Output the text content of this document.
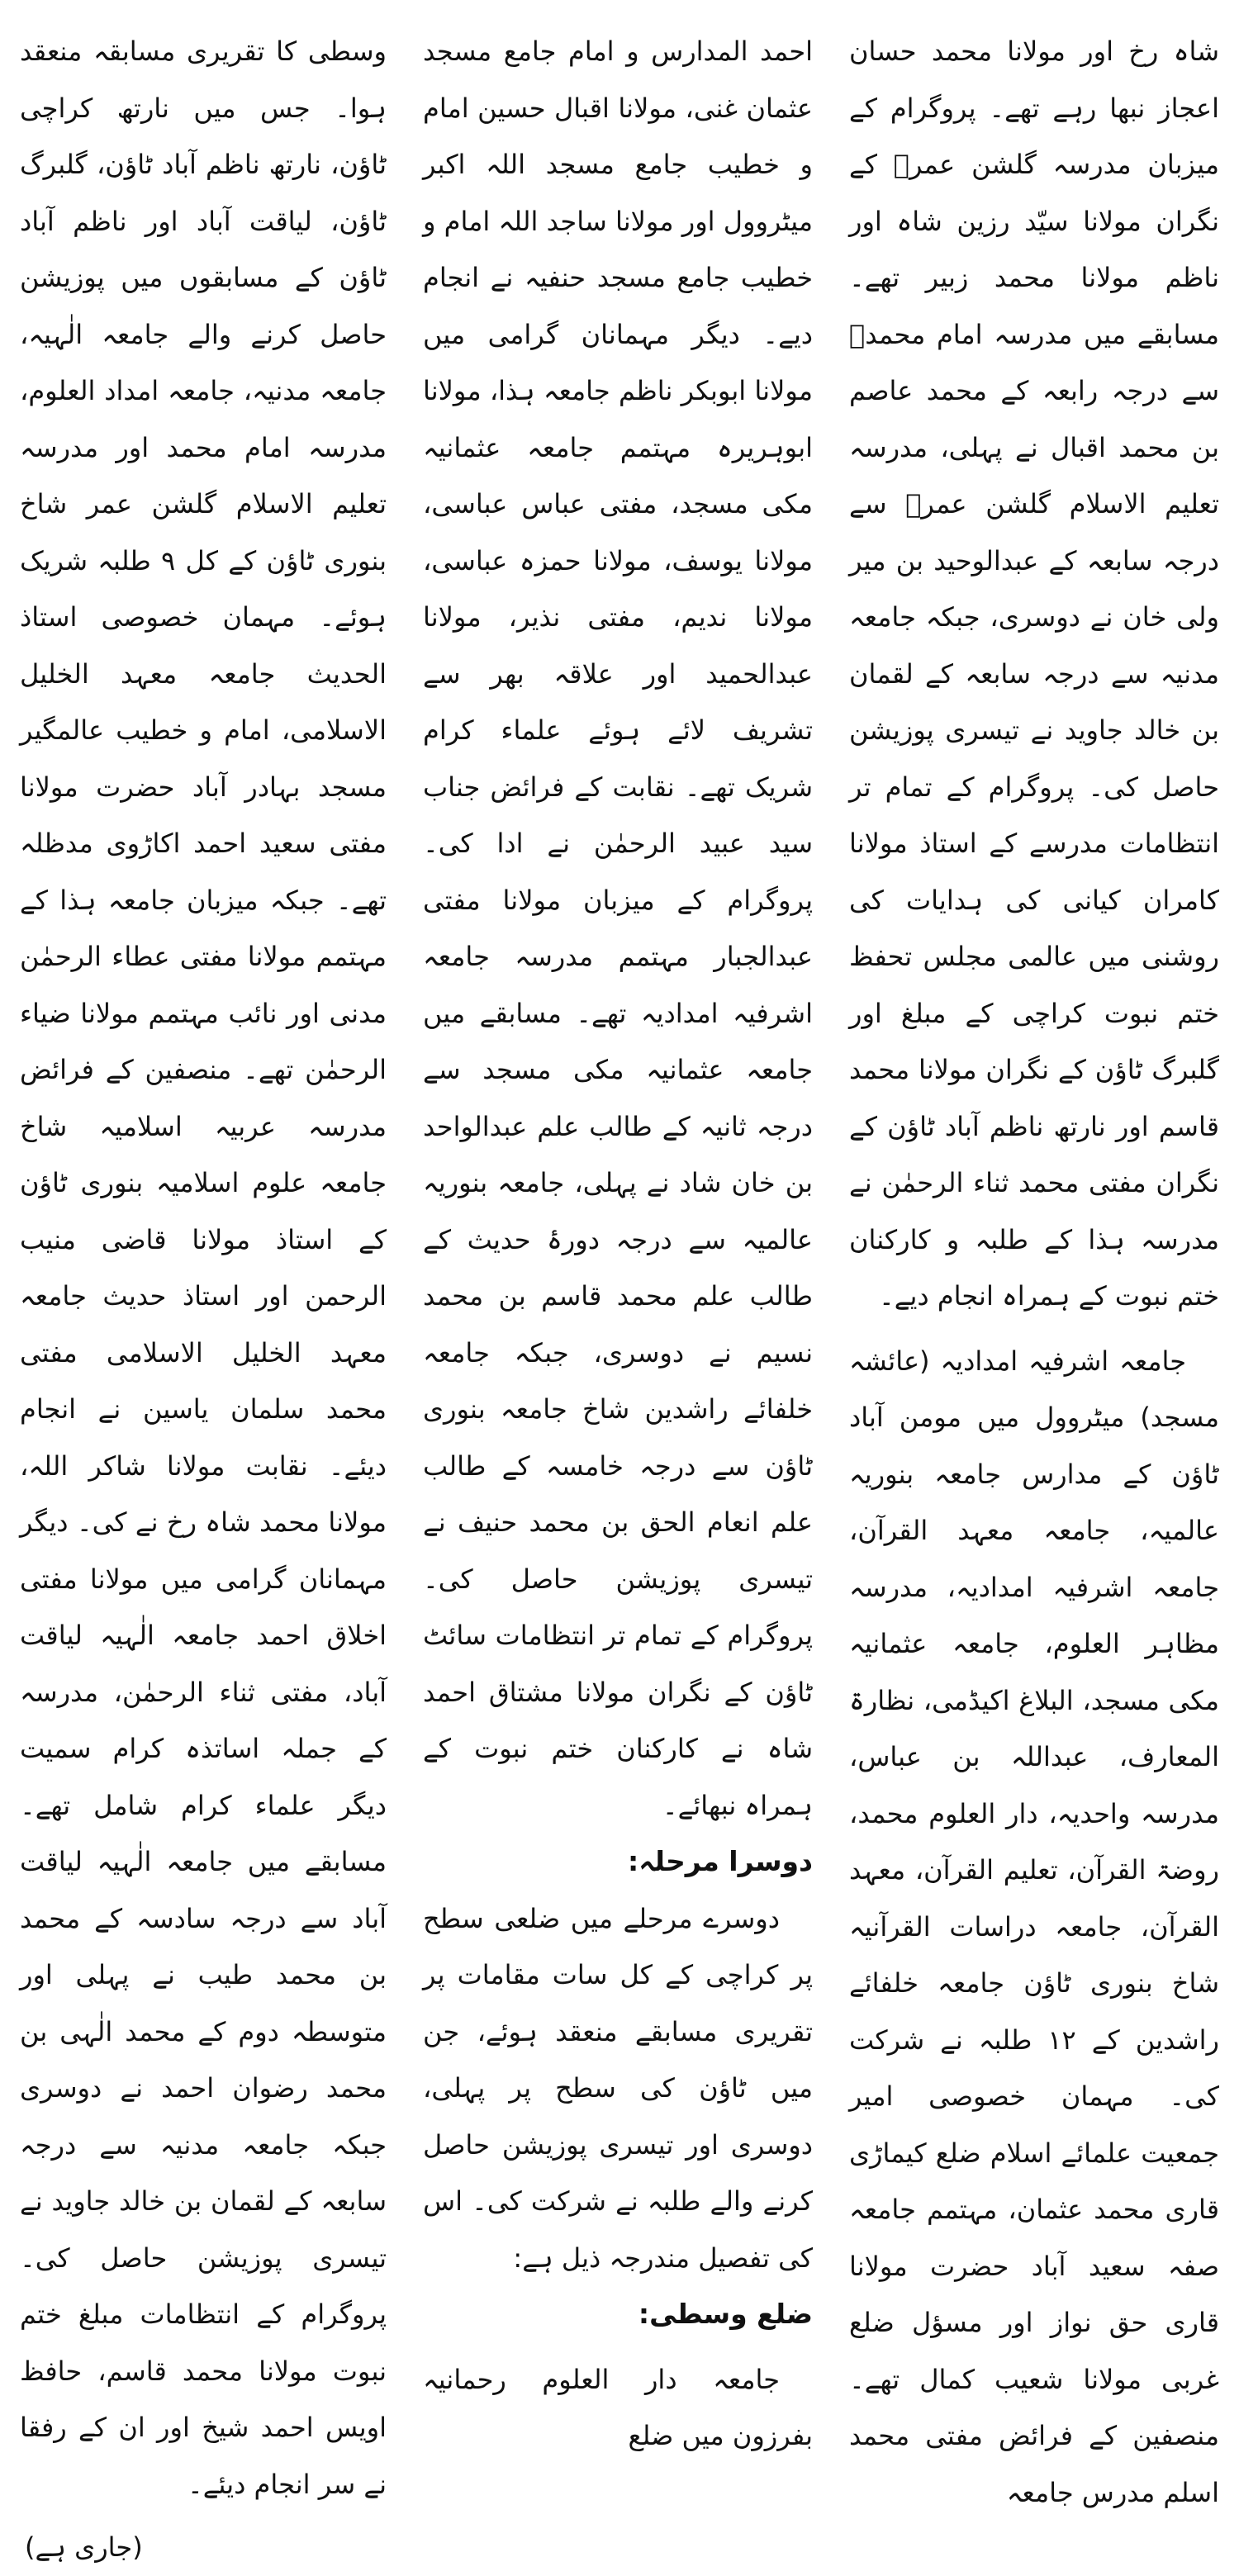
شاہ رخ اور مولانا محمد حسان اعجاز نبھا رہے تھے۔ پروگرام کے میزبان مدرسہ گلشن عمرؓ کے نگران مولانا سیّد رزین شاہ اور ناظم مولانا محمد زبیر تھے۔ مسابقے میں مدرسہ امام محمدؒ سے درجہ رابعہ کے محمد عاصم بن محمد اقبال نے پہلی، مدرسہ تعلیم الاسلام گلشن عمرؓ سے درجہ سابعہ کے عبدالوحید بن میر ولی خان نے دوسری، جبکہ جامعہ مدنیہ سے درجہ سابعہ کے لقمان بن خالد جاوید نے تیسری پوزیشن حاصل کی۔ پروگرام کے تمام تر انتظامات مدرسے کے استاذ مولانا کامران کیانی کی ہدایات کی روشنی میں عالمی مجلس تحفظ ختم نبوت کراچی کے مبلغ اور گلبرگ ٹاؤن کے نگران مولانا محمد قاسم اور نارتھ ناظم آباد ٹاؤن کے نگران مفتی محمد ثناء الرحمٰن نے مدرسہ ہذا کے طلبہ و کارکنان ختم نبوت کے ہمراہ انجام دیے۔

جامعہ اشرفیہ امدادیہ (عائشہ مسجد) میٹروول میں مومن آباد ٹاؤن کے مدارس جامعہ بنوریہ عالمیہ، جامعہ معہد القرآن، جامعہ اشرفیہ امدادیہ، مدرسہ مظاہر العلوم، جامعہ عثمانیہ مکی مسجد، البلاغ اکیڈمی، نظارۃ المعارف، عبداللہ بن عباس، مدرسہ واحدیہ، دار العلوم محمد، روضۃ القرآن، تعلیم القرآن، معہد القرآن، جامعہ دراسات القرآنیہ شاخ بنوری ٹاؤن جامعہ خلفائے راشدین کے ۱۲ طلبہ نے شرکت کی۔ مہمان خصوصی امیر جمعیت علمائے اسلام ضلع کیماڑی قاری محمد عثمان، مہتمم جامعہ صفہ سعید آباد حضرت مولانا قاری حق نواز اور مسؤل ضلع غربی مولانا شعیب کمال تھے۔ منصفین کے فرائض مفتی محمد اسلم مدرس جامعہ

احمد المدارس و امام جامع مسجد عثمان غنی، مولانا اقبال حسین امام و خطیب جامع مسجد اللہ اکبر میٹروول اور مولانا ساجد اللہ امام و خطیب جامع مسجد حنفیہ نے انجام دیے۔ دیگر مہمانان گرامی میں مولانا ابوبکر ناظم جامعہ ہذا، مولانا ابوہریرہ مہتمم جامعہ عثمانیہ مکی مسجد، مفتی عباس عباسی، مولانا یوسف، مولانا حمزہ عباسی، مولانا ندیم، مفتی نذیر، مولانا عبدالحمید اور علاقہ بھر سے تشریف لائے ہوئے علماء کرام شریک تھے۔ نقابت کے فرائض جناب سید عبید الرحمٰن نے ادا کی۔ پروگرام کے میزبان مولانا مفتی عبدالجبار مہتمم مدرسہ جامعہ اشرفیہ امدادیہ تھے۔ مسابقے میں جامعہ عثمانیہ مکی مسجد سے درجہ ثانیہ کے طالب علم عبدالواحد بن خان شاد نے پہلی، جامعہ بنوریہ عالمیہ سے درجہ دورۂ حدیث کے طالب علم محمد قاسم بن محمد نسیم نے دوسری، جبکہ جامعہ خلفائے راشدین شاخ جامعہ بنوری ٹاؤن سے درجہ خامسہ کے طالب علم انعام الحق بن محمد حنیف نے تیسری پوزیشن حاصل کی۔ پروگرام کے تمام تر انتظامات سائٹ ٹاؤن کے نگران مولانا مشتاق احمد شاہ نے کارکنان ختم نبوت کے ہمراہ نبھائے۔

دوسرا مرحلہ:

دوسرے مرحلے میں ضلعی سطح پر کراچی کے کل سات مقامات پر تقریری مسابقے منعقد ہوئے، جن میں ٹاؤن کی سطح پر پہلی، دوسری اور تیسری پوزیشن حاصل کرنے والے طلبہ نے شرکت کی۔ اس کی تفصیل مندرجہ ذیل ہے:

ضلع وسطی:

جامعہ دار العلوم رحمانیہ بفرزون میں ضلع

وسطی کا تقریری مسابقہ منعقد ہوا۔ جس میں نارتھ کراچی ٹاؤن، نارتھ ناظم آباد ٹاؤن، گلبرگ ٹاؤن، لیاقت آباد اور ناظم آباد ٹاؤن کے مسابقوں میں پوزیشن حاصل کرنے والے جامعہ الٰہیہ، جامعہ مدنیہ، جامعہ امداد العلوم، مدرسہ امام محمد اور مدرسہ تعلیم الاسلام گلشن عمر شاخ بنوری ٹاؤن کے کل ۹ طلبہ شریک ہوئے۔ مہمان خصوصی استاذ الحدیث جامعہ معہد الخلیل الاسلامی، امام و خطیب عالمگیر مسجد بہادر آباد حضرت مولانا مفتی سعید احمد اکاڑوی مدظلہ تھے۔ جبکہ میزبان جامعہ ہذا کے مہتمم مولانا مفتی عطاء الرحمٰن مدنی اور نائب مہتمم مولانا ضیاء الرحمٰن تھے۔ منصفین کے فرائض مدرسہ عربیہ اسلامیہ شاخ جامعہ علوم اسلامیہ بنوری ٹاؤن کے استاذ مولانا قاضی منیب الرحمن اور استاذ حدیث جامعہ معہد الخلیل الاسلامی مفتی محمد سلمان یاسین نے انجام دیئے۔ نقابت مولانا شاکر اللہ، مولانا محمد شاہ رخ نے کی۔ دیگر مہمانان گرامی میں مولانا مفتی اخلاق احمد جامعہ الٰہیہ لیاقت آباد، مفتی ثناء الرحمٰن، مدرسہ کے جملہ اساتذہ کرام سمیت دیگر علماء کرام شامل تھے۔ مسابقے میں جامعہ الٰہیہ لیاقت آباد سے درجہ سادسہ کے محمد بن محمد طیب نے پہلی اور متوسطہ دوم کے محمد الٰہی بن محمد رضوان احمد نے دوسری جبکہ جامعہ مدنیہ سے درجہ سابعہ کے لقمان بن خالد جاوید نے تیسری پوزیشن حاصل کی۔ پروگرام کے انتظامات مبلغ ختم نبوت مولانا محمد قاسم، حافظ اویس احمد شیخ اور ان کے رفقا نے سر انجام دیئے۔

(جاری ہے)
